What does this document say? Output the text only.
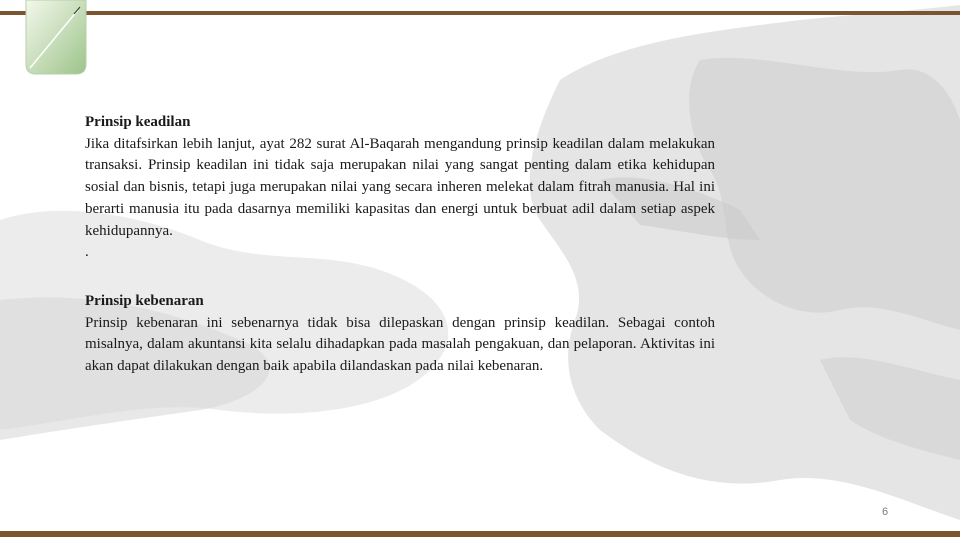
Prinsip keadilan
Jika ditafsirkan lebih lanjut, ayat 282 surat Al-Baqarah mengandung prinsip keadilan dalam melakukan transaksi. Prinsip keadilan ini tidak saja merupakan nilai yang sangat penting dalam etika kehidupan sosial dan bisnis, tetapi juga merupakan nilai yang secara inheren melekat dalam fitrah manusia. Hal ini berarti manusia itu pada dasarnya memiliki kapasitas dan energi untuk berbuat adil dalam setiap aspek kehidupannya.
.
Prinsip kebenaran
Prinsip kebenaran ini sebenarnya tidak bisa dilepaskan dengan prinsip keadilan. Sebagai contoh misalnya, dalam akuntansi kita selalu dihadapkan pada masalah pengakuan, dan pelaporan. Aktivitas ini akan dapat dilakukan dengan baik apabila dilandaskan pada nilai kebenaran.
6
